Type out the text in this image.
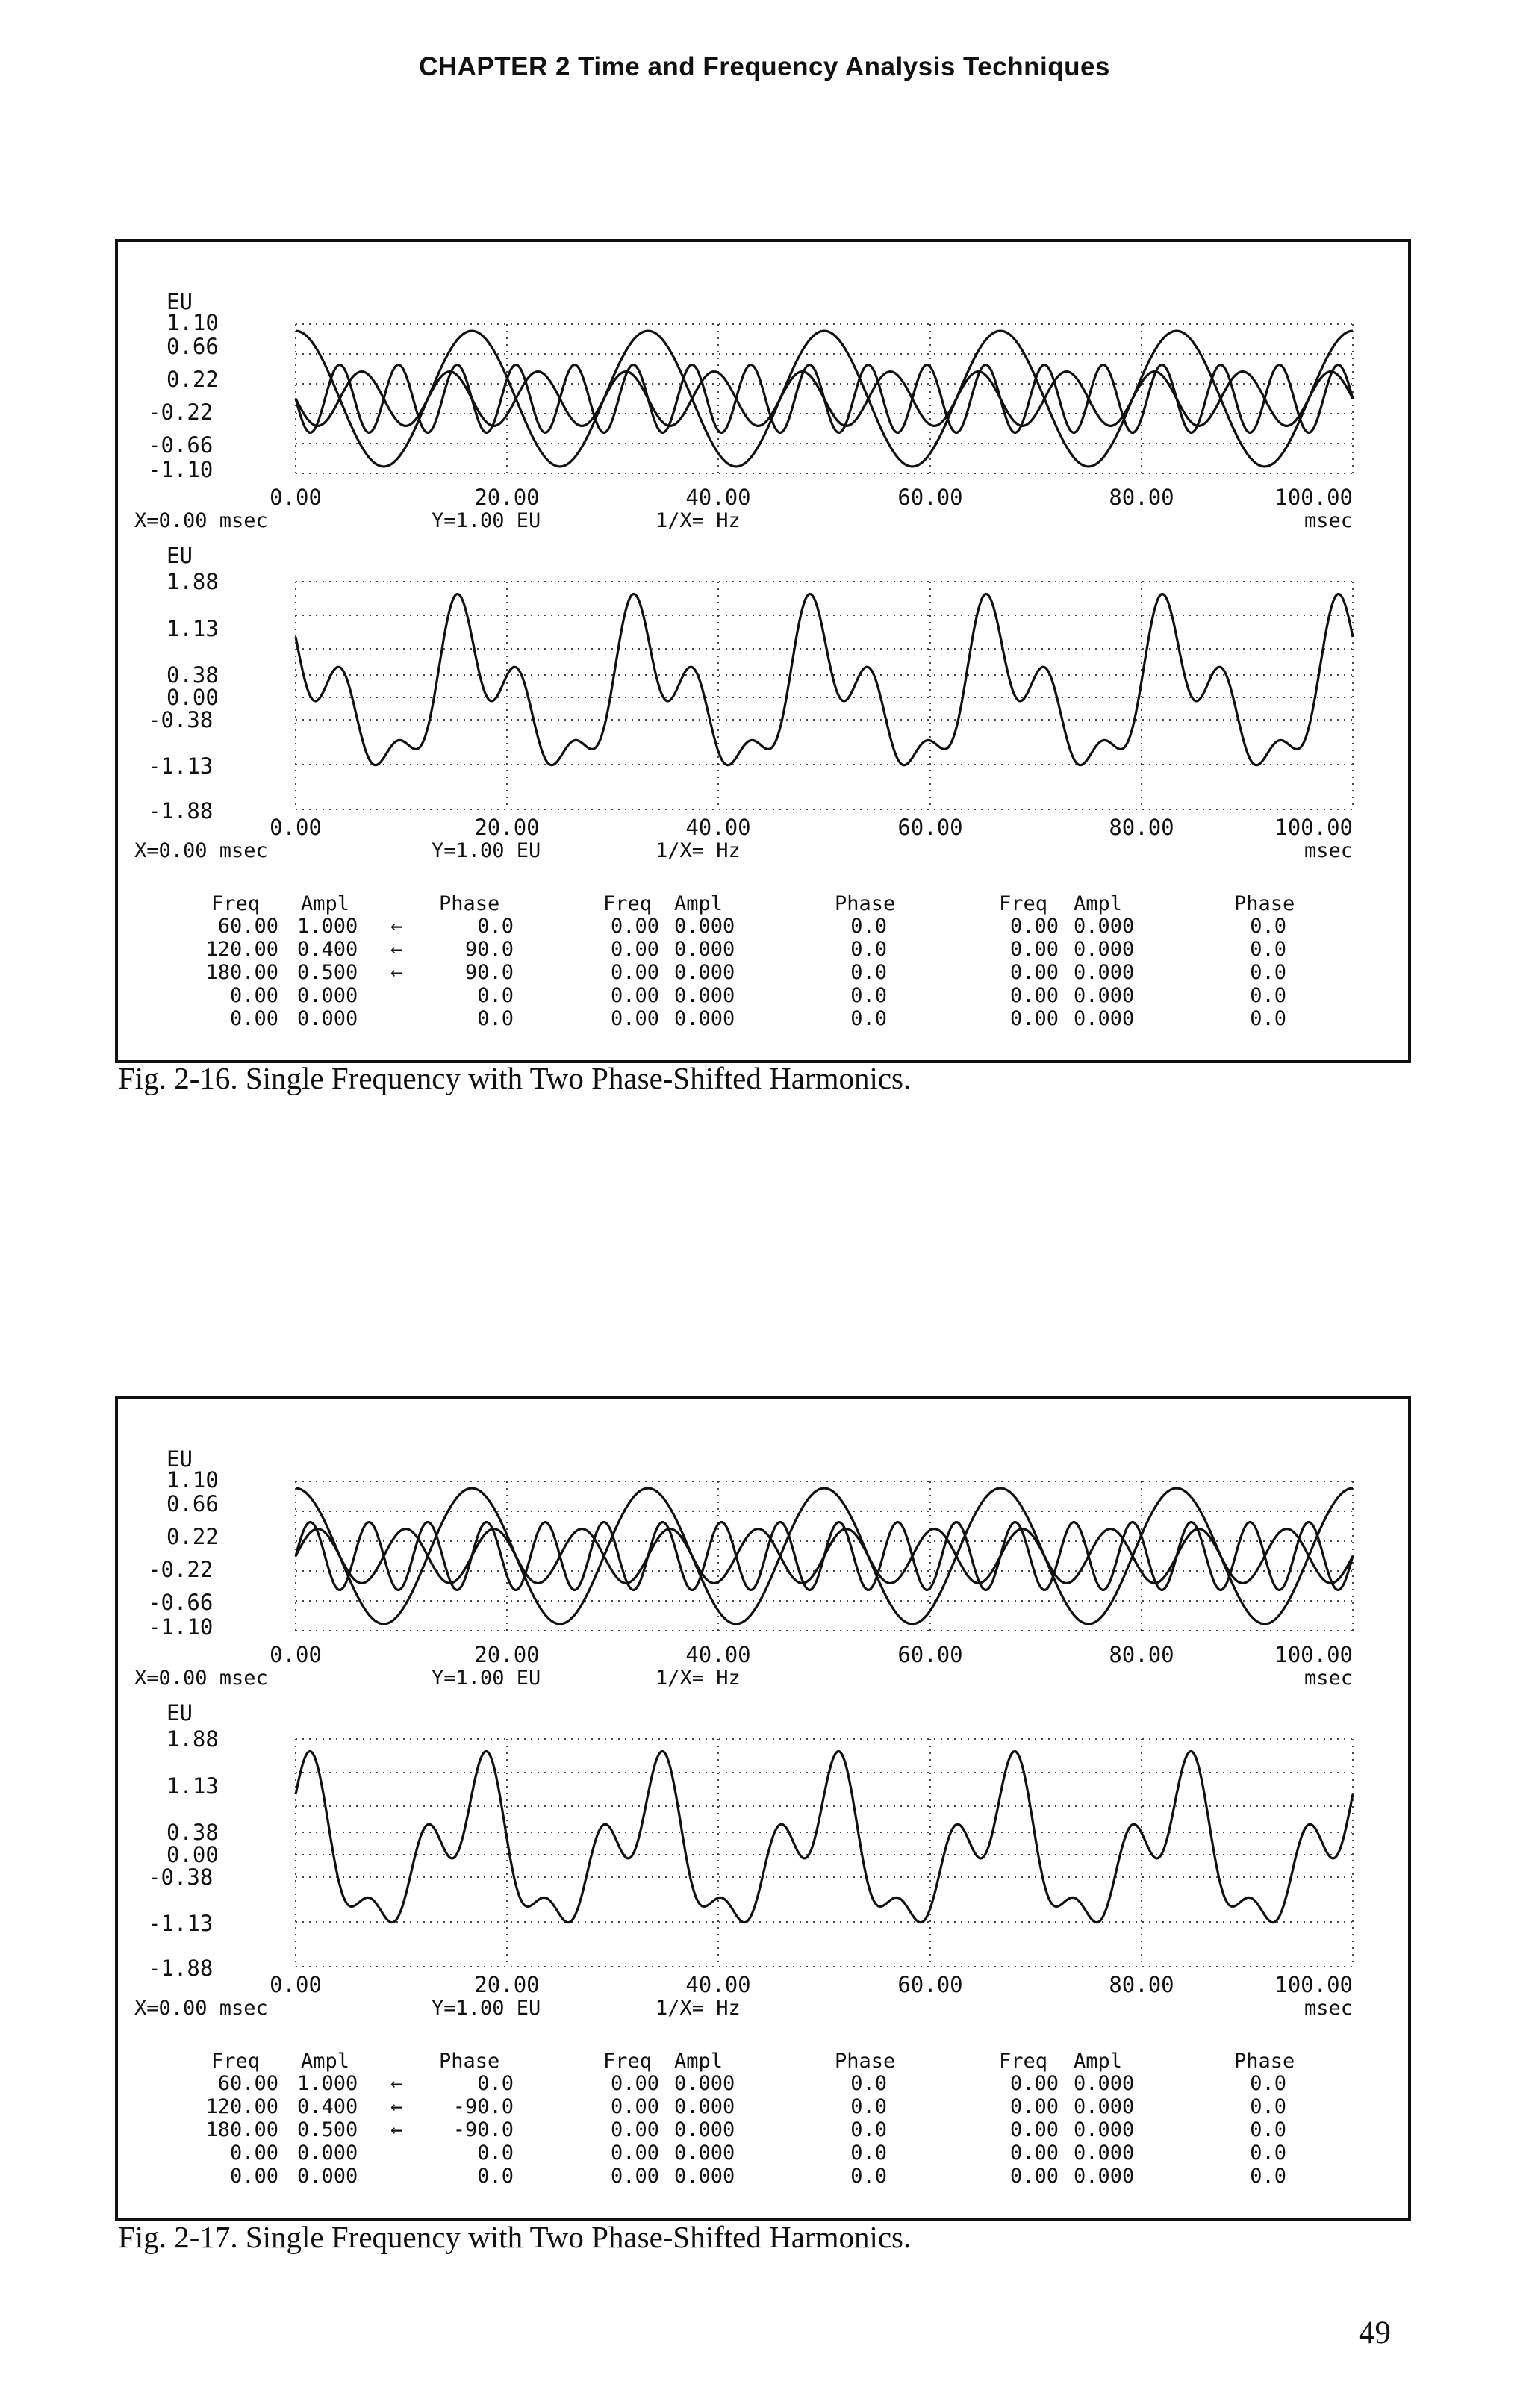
CHAPTER 2 Time and Frequency Analysis Techniques
EU
1.10
0.66
0.22
-0.22
-0.66
-1.10
0.00	20.00	40.00	60.00	80.00	100.00
X=0.00 msec	Y=1.00 EU	1/X= Hz	msec
EU
1.88
1.13
0.38
0.00
-0.38
-1.13
-1.88
0.00	20.00	40.00	60.00	80.00	100.00
X=0.00 msec	Y=1.00 EU	1/X= Hz	msec
Freq Ampl	Phase	Freq Ampl	Phase	Freq Ampl	Phase
60.00 1.000 ←	0.0	0.00 0.000	0.0	0.00 0.000	0.0
120.00 0.400 ←	90.0	0.00 0.000	0.0	0.00 0.000	0.0
180.00 0.500 ←	90.0	0.00 0.000	0.0	0.00 0.000	0.0
0.00 0.000	0.0	0.00 0.000	0.0	0.00 0.000	0.0
0.00 0.000	0.0	0.00 0.000	0.0	0.00 0.000	0.0
Fig. 2-16. Single Frequency with Two Phase-Shifted Harmonics.
EU
1.10
0.66
0.22
-0.22
-0.66
-1.10
0.00	20.00	40.00	60.00	80.00	100.00
X=0.00 msec	Y=1.00 EU	1/X= Hz	msec
EU
1.88
1.13
0.38
0.00
-0.38
-1.13
-1.88
0.00	20.00	40.00	60.00	80.00	100.00
X=0.00 msec	Y=1.00 EU	1/X= Hz	msec
Freq Ampl	Phase	Freq Ampl	Phase	Freq Ampl	Phase
60.00 1.000 ←	0.0	0.00 0.000	0.0	0.00 0.000	0.0
120.00 0.400 ← -90.0	0.00 0.000	0.0	0.00 0.000	0.0
180.00 0.500 ← -90.0	0.00 0.000	0.0	0.00 0.000	0.0
0.00 0.000	0.0	0.00 0.000	0.0	0.00 0.000	0.0
0.00 0.000	0.0	0.00 0.000	0.0	0.00 0.000	0.0
Fig. 2-17. Single Frequency with Two Phase-Shifted Harmonics.
49
